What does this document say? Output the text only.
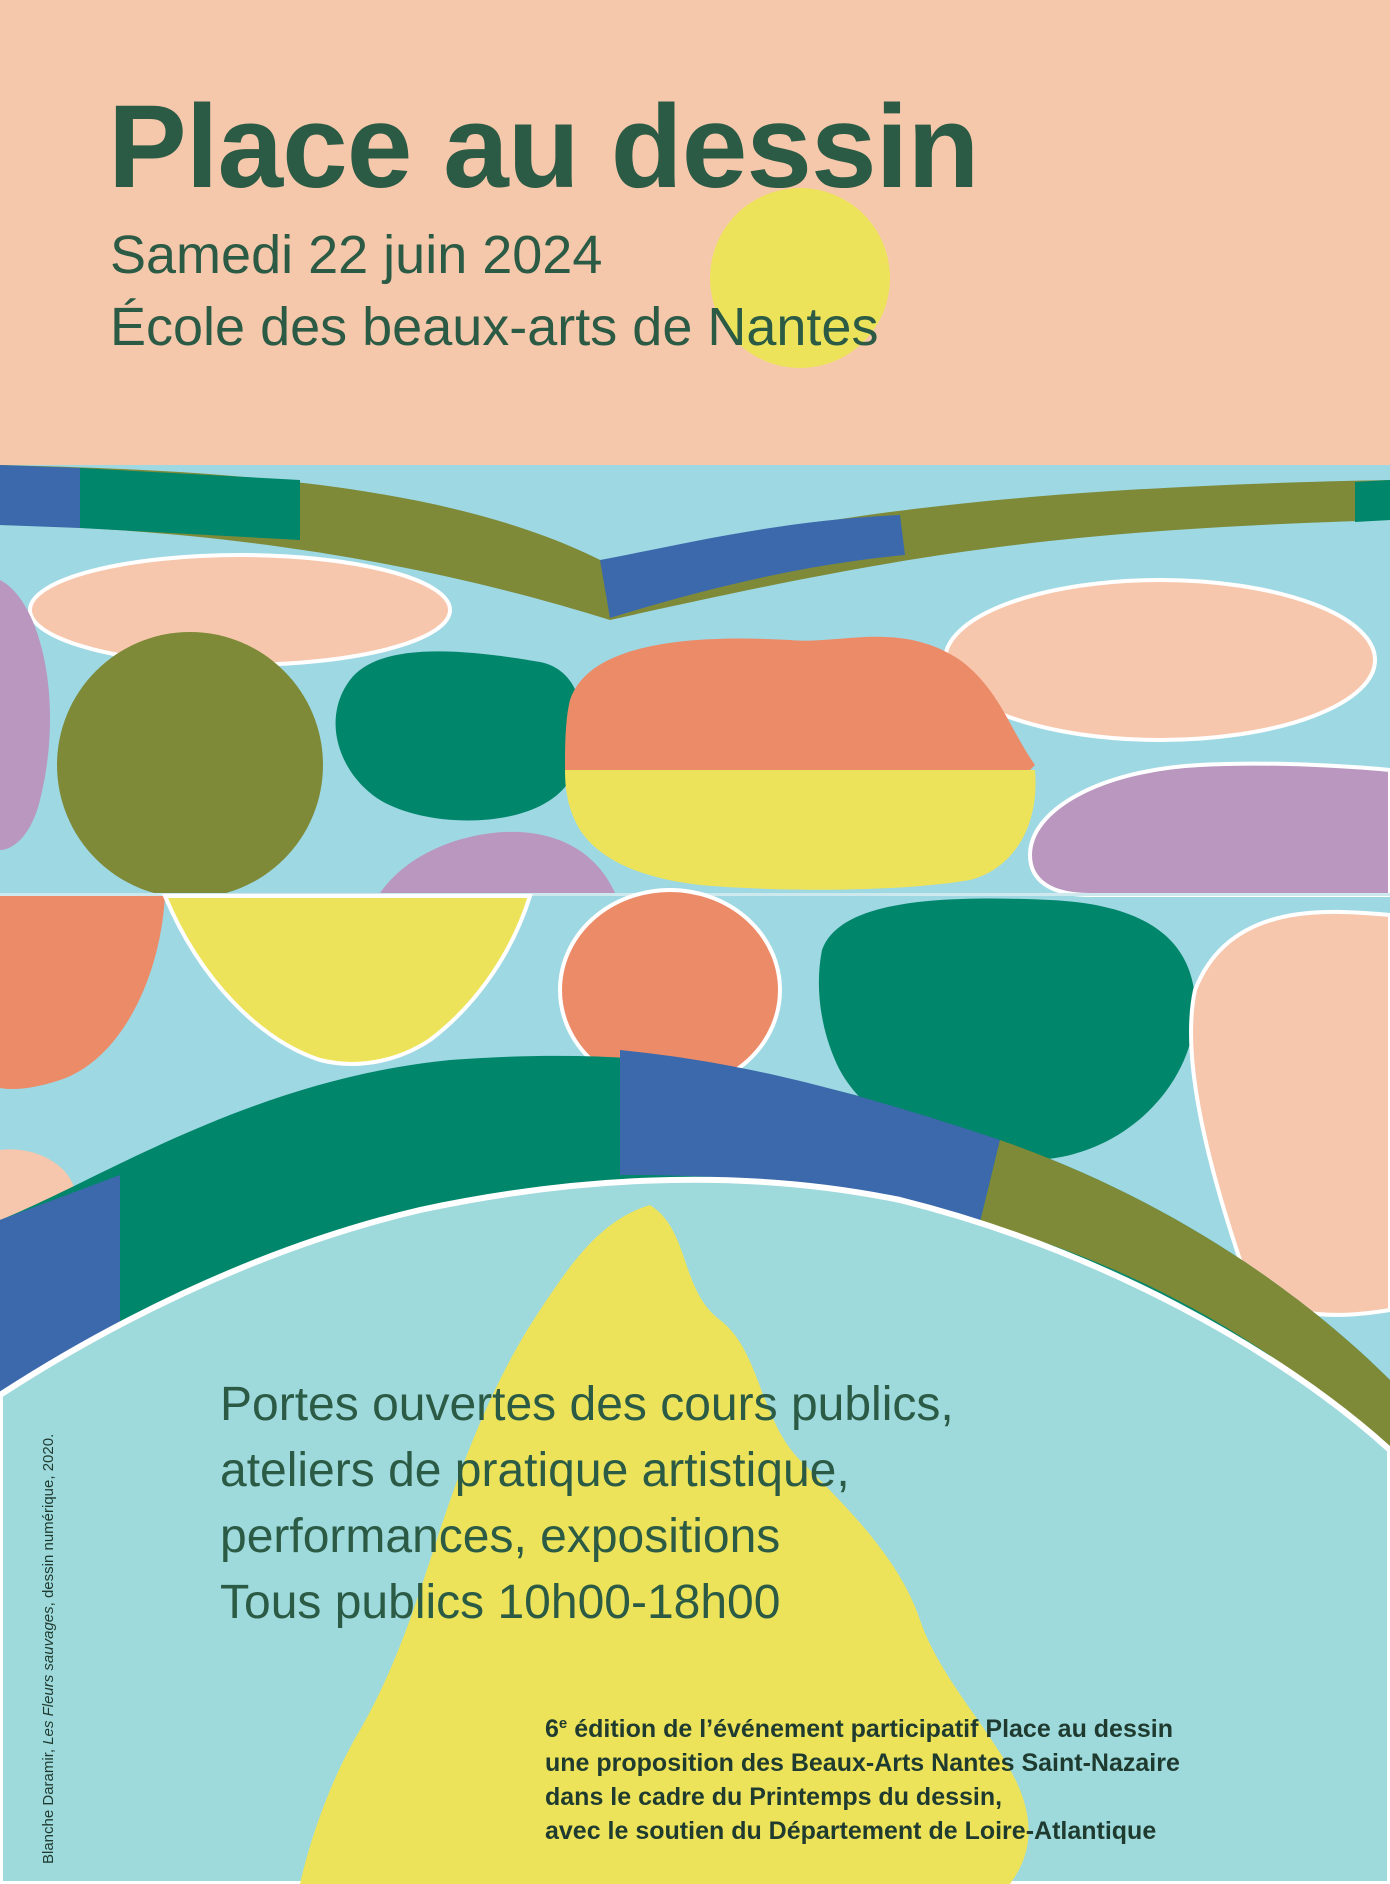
Place au dessin
Samedi 22 juin 2024
École des beaux-arts de Nantes
Portes ouvertes des cours publics,
ateliers de pratique artistique,
performances, expositions
Tous publics 10h00-18h00
6e édition de l’événement participatif Place au dessin
une proposition des Beaux-Arts Nantes Saint-Nazaire
dans le cadre du Printemps du dessin,
avec le soutien du Département de Loire-Atlantique
Blanche Daramir, Les Fleurs sauvages, dessin numérique, 2020.
